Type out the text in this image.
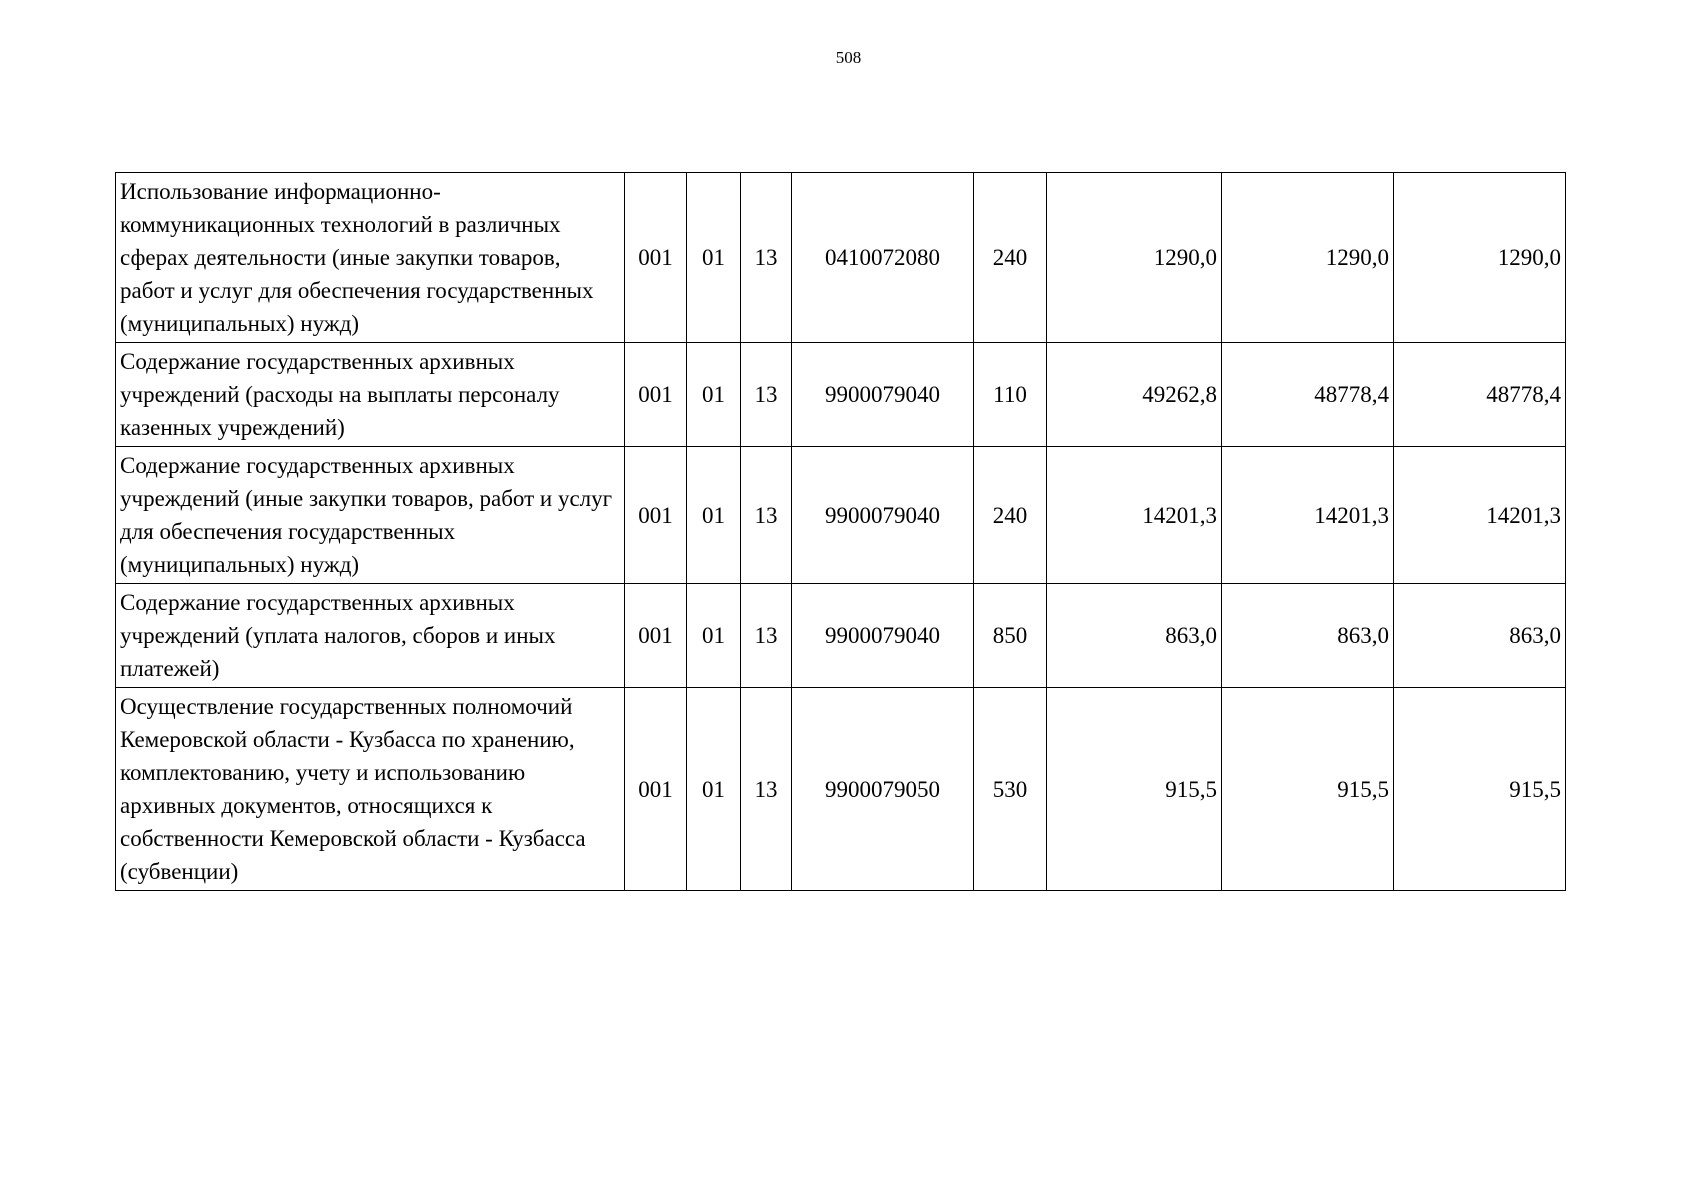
508
Использование информационно-коммуникационных технологий в различных сферах деятельности (иные закупки товаров, работ и услуг для обеспечения государственных (муниципальных) нужд)	001	01	13	0410072080	240	1290,0	1290,0	1290,0
Содержание государственных архивных учреждений (расходы на выплаты персоналу казенных учреждений)	001	01	13	9900079040	110	49262,8	48778,4	48778,4
Содержание государственных архивных учреждений (иные закупки товаров, работ и услуг для обеспечения государственных (муниципальных) нужд)	001	01	13	9900079040	240	14201,3	14201,3	14201,3
Содержание государственных архивных учреждений (уплата налогов, сборов и иных платежей)	001	01	13	9900079040	850	863,0	863,0	863,0
Осуществление государственных полномочий Кемеровской области - Кузбасса по хранению, комплектованию, учету и использованию архивных документов, относящихся к собственности Кемеровской области - Кузбасса (субвенции)	001	01	13	9900079050	530	915,5	915,5	915,5
